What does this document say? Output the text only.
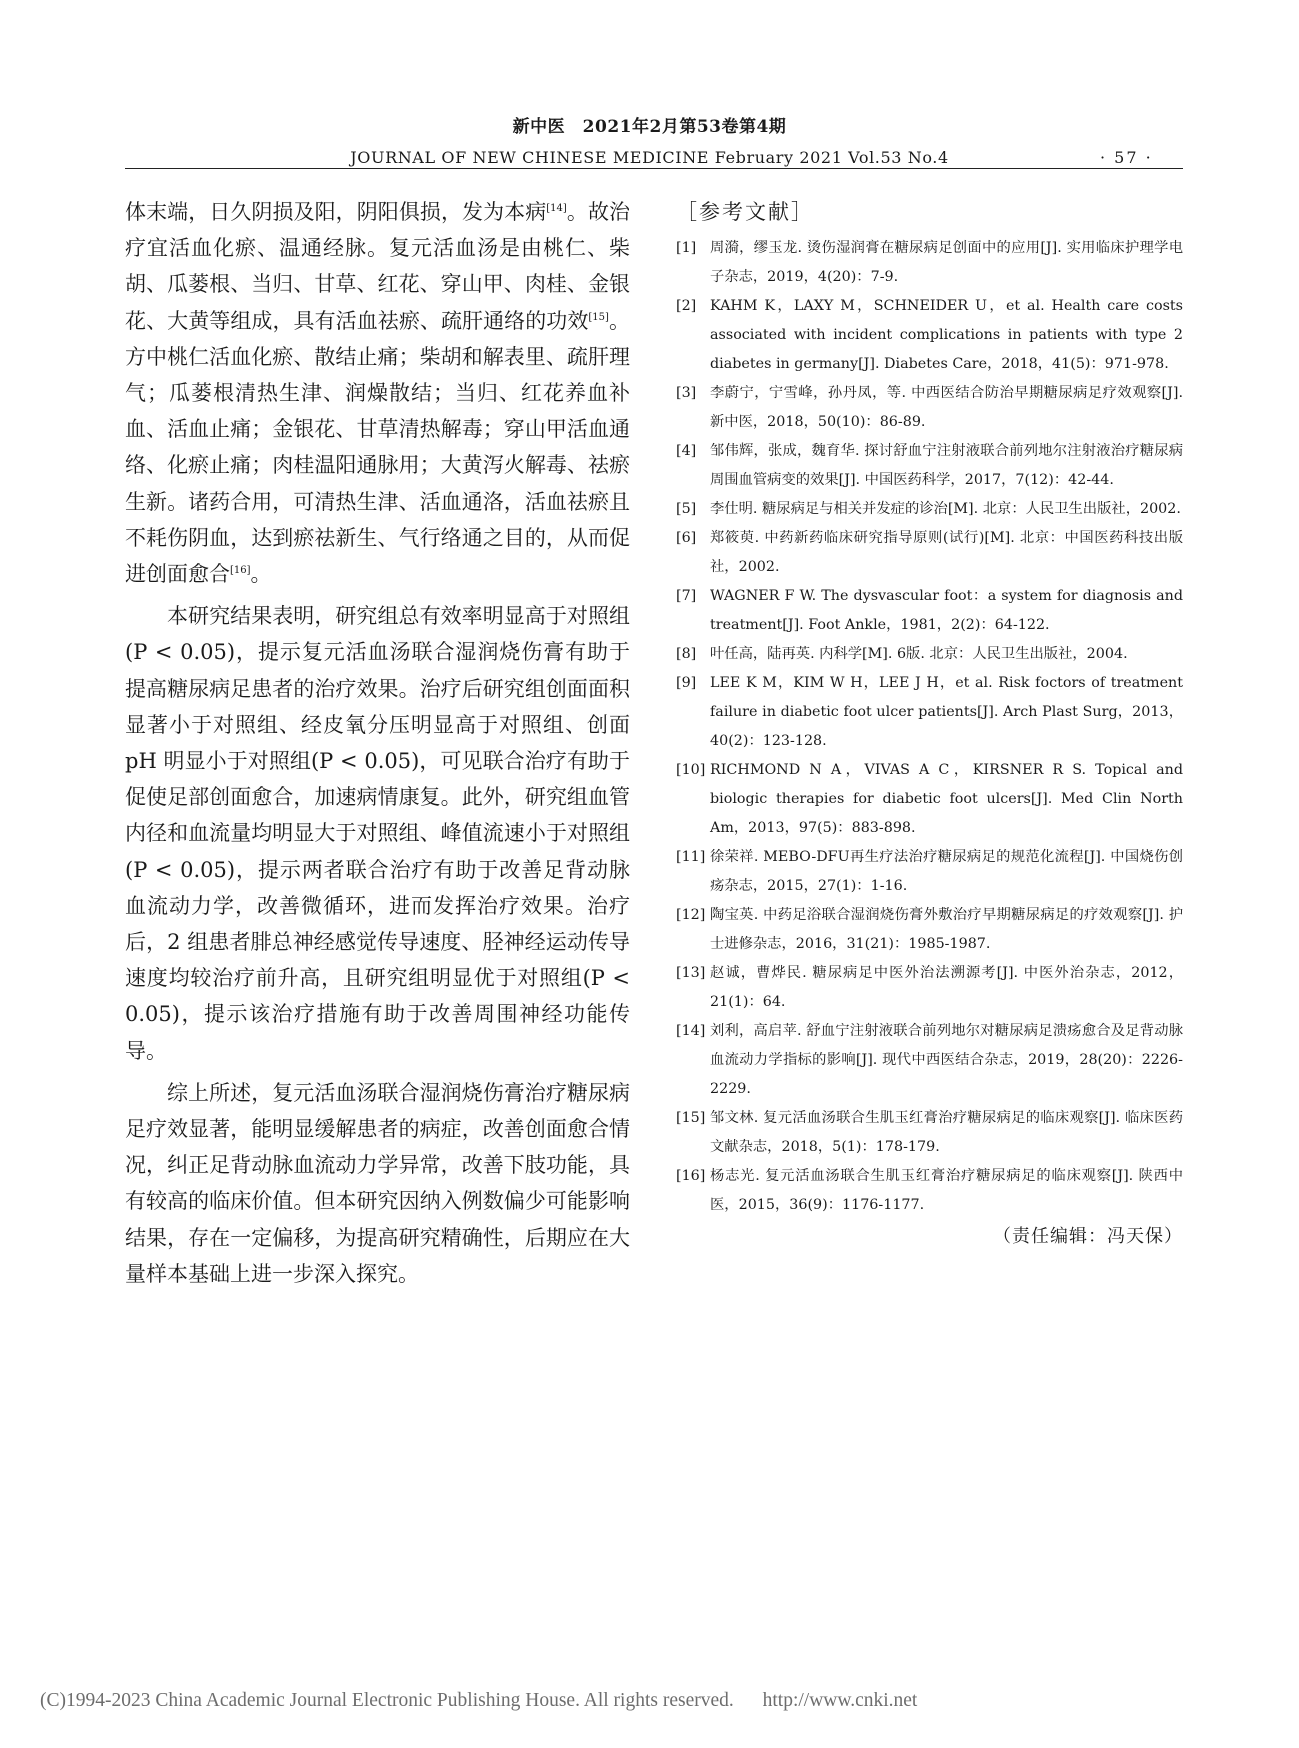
新中医　2021年2月第53卷第4期
JOURNAL OF NEW CHINESE MEDICINE February 2021 Vol.53 No.4	· 57 ·

体末端，日久阴损及阳，阴阳俱损，发为本病[14]。故治疗宜活血化瘀、温通经脉。复元活血汤是由桃仁、柴胡、瓜蒌根、当归、甘草、红花、穿山甲、肉桂、金银花、大黄等组成，具有活血祛瘀、疏肝通络的功效[15]。方中桃仁活血化瘀、散结止痛；柴胡和解表里、疏肝理气；瓜蒌根清热生津、润燥散结；当归、红花养血补血、活血止痛；金银花、甘草清热解毒；穿山甲活血通络、化瘀止痛；肉桂温阳通脉用；大黄泻火解毒、祛瘀生新。诸药合用，可清热生津、活血通洛，活血祛瘀且不耗伤阴血，达到瘀祛新生、气行络通之目的，从而促进创面愈合[16]。

本研究结果表明，研究组总有效率明显高于对照组(P < 0.05)，提示复元活血汤联合湿润烧伤膏有助于提高糖尿病足患者的治疗效果。治疗后研究组创面面积显著小于对照组、经皮氧分压明显高于对照组、创面 pH 明显小于对照组(P < 0.05)，可见联合治疗有助于促使足部创面愈合，加速病情康复。此外，研究组血管内径和血流量均明显大于对照组、峰值流速小于对照组(P < 0.05)，提示两者联合治疗有助于改善足背动脉血流动力学，改善微循环，进而发挥治疗效果。治疗后，2 组患者腓总神经感觉传导速度、胫神经运动传导速度均较治疗前升高，且研究组明显优于对照组(P < 0.05)，提示该治疗措施有助于改善周围神经功能传导。

综上所述，复元活血汤联合湿润烧伤膏治疗糖尿病足疗效显著，能明显缓解患者的病症，改善创面愈合情况，纠正足背动脉血流动力学异常，改善下肢功能，具有较高的临床价值。但本研究因纳入例数偏少可能影响结果，存在一定偏移，为提高研究精确性，后期应在大量样本基础上进一步深入探究。

［参考文献］
[1] 周漪，缪玉龙. 烫伤湿润膏在糖尿病足创面中的应用[J]. 实用临床护理学电子杂志，2019，4(20)：7-9.
[2] KAHM K，LAXY M，SCHNEIDER U，et al. Health care costs associated with incident complications in patients with type 2 diabetes in germany[J]. Diabetes Care，2018，41(5)：971-978.
[3] 李蔚宁，宁雪峰，孙丹凤，等. 中西医结合防治早期糖尿病足疗效观察[J]. 新中医，2018，50(10)：86-89.
[4] 邹伟辉，张成，魏育华. 探讨舒血宁注射液联合前列地尔注射液治疗糖尿病周围血管病变的效果[J]. 中国医药科学，2017，7(12)：42-44.
[5] 李仕明. 糖尿病足与相关并发症的诊治[M]. 北京：人民卫生出版社，2002.
[6] 郑筱萸. 中药新药临床研究指导原则(试行)[M]. 北京：中国医药科技出版社，2002.
[7] WAGNER F W. The dysvascular foot：a system for diagnosis and treatment[J]. Foot Ankle，1981，2(2)：64-122.
[8] 叶任高，陆再英. 内科学[M]. 6版. 北京：人民卫生出版社，2004.
[9] LEE K M，KIM W H，LEE J H，et al. Risk foctors of treatment failure in diabetic foot ulcer patients[J]. Arch Plast Surg，2013，40(2)：123-128.
[10] RICHMOND N A，VIVAS A C，KIRSNER R S. Topical and biologic therapies for diabetic foot ulcers[J]. Med Clin North Am，2013，97(5)：883-898.
[11] 徐荣祥. MEBO-DFU再生疗法治疗糖尿病足的规范化流程[J]. 中国烧伤创疡杂志，2015，27(1)：1-16.
[12] 陶宝英. 中药足浴联合湿润烧伤膏外敷治疗早期糖尿病足的疗效观察[J]. 护士进修杂志，2016，31(21)：1985-1987.
[13] 赵诚，曹烨民. 糖尿病足中医外治法溯源考[J]. 中医外治杂志，2012，21(1)：64.
[14] 刘利，高启苹. 舒血宁注射液联合前列地尔对糖尿病足溃疡愈合及足背动脉血流动力学指标的影响[J]. 现代中西医结合杂志，2019，28(20)：2226-2229.
[15] 邹文林. 复元活血汤联合生肌玉红膏治疗糖尿病足的临床观察[J]. 临床医药文献杂志，2018，5(1)：178-179.
[16] 杨志光. 复元活血汤联合生肌玉红膏治疗糖尿病足的临床观察[J]. 陕西中医，2015，36(9)：1176-1177.
（责任编辑：冯天保）
(C)1994-2023 China Academic Journal Electronic Publishing House. All rights reserved. http://www.cnki.net
